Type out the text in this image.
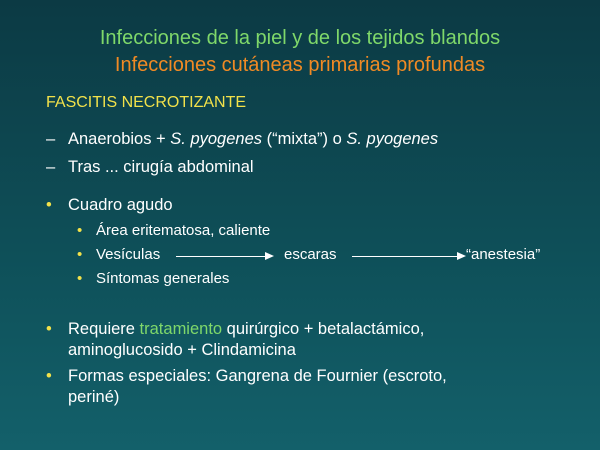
Infecciones de la piel y de los tejidos blandos
Infecciones cutáneas primarias profundas
FASCITIS NECROTIZANTE
– Anaerobios + S. pyogenes (“mixta”) o S. pyogenes
– Tras ... cirugía abdominal
• Cuadro agudo
• Área eritematosa, caliente
• Vesículas	escaras	“anestesia”
• Síntomas generales
• Requiere tratamiento quirúrgico + betalactámico,
aminoglucosido + Clindamicina
• Formas especiales: Gangrena de Fournier (escroto,
periné)
